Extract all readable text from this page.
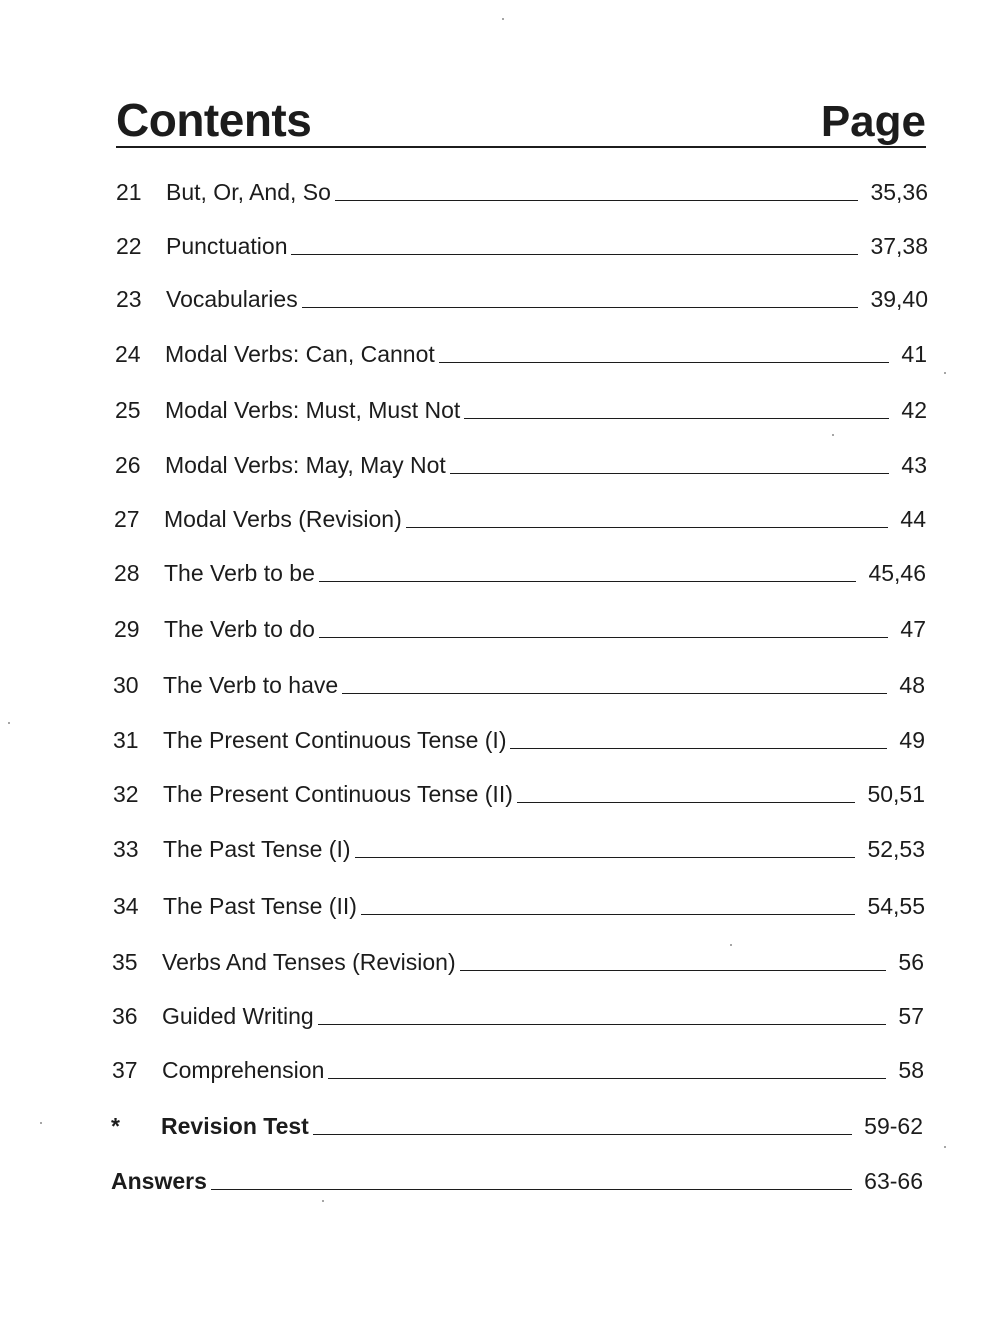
Contents	Page
21	But, Or, And, So	35,36
22	Punctuation	37,38
23	Vocabularies	39,40
24	Modal Verbs: Can, Cannot	41
25	Modal Verbs: Must, Must Not	42
26	Modal Verbs: May, May Not	43
27	Modal Verbs (Revision)	44
28	The Verb to be	45,46
29	The Verb to do	47
30	The Verb to have	48
31	The Present Continuous Tense (I)	49
32	The Present Continuous Tense (II)	50,51
33	The Past Tense (I)	52,53
34	The Past Tense (II)	54,55
35	Verbs And Tenses (Revision)	56
36	Guided Writing	57
37	Comprehension	58
*	Revision Test	59-62
Answers	63-66
